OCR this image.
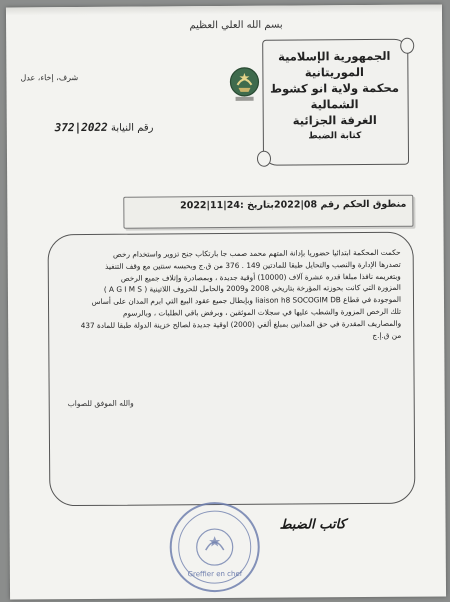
بسم الله العلي العظيم
الجمهورية الإسلامية
الموريتانية
محكمة ولاية انو كشوط
الشمالية
الغرفة الجزائية
كتابة الضبط
شرف، إخاء، عدل
رقم النيابة 2022|372
منطوق الحكم رقم 08|2022بتاريخ :24|11|2022
حكمت المحكمة ابتدائيا حضوريا بإدانة المتهم محمد صمب جا بارتكاب جنح تزوير واستخدام رخص
تصدرها الإدارة والنصب والتحايل طبقا للمادتين 149 . 376 من ق.ج وبحبسه سنتين مع وقف التنفيذ
وبتغريمه نافذا مبلغا قدره عشرة آلاف (10000) أوقية جديدة ، وبمصادرة وإتلاف جميع الرخص
المزورة التي كانت بحوزته المؤرخة بتاريخي 2008 و2009 والحامل للحروف اللاتينية ( A G I M S )
الموجودة في قطاع liaison h8 SOCOGIM DB وبإبطال جميع عقود البيع التي ابرم المدان على أساس
تلك الرخص المزورة والشطب عليها في سجلات الموثقين ، وبرفض باقي الطلبات ، وبالرسوم
والمصاريف المقدرة في حق المدانين بمبلغ ألفي (2000) اوقية جديدة لصالح خزينة الدولة طبقا للمادة 437
من ق.إ.ج
والله الموفق للصواب
كاتب الضبط
Greffier en chef
